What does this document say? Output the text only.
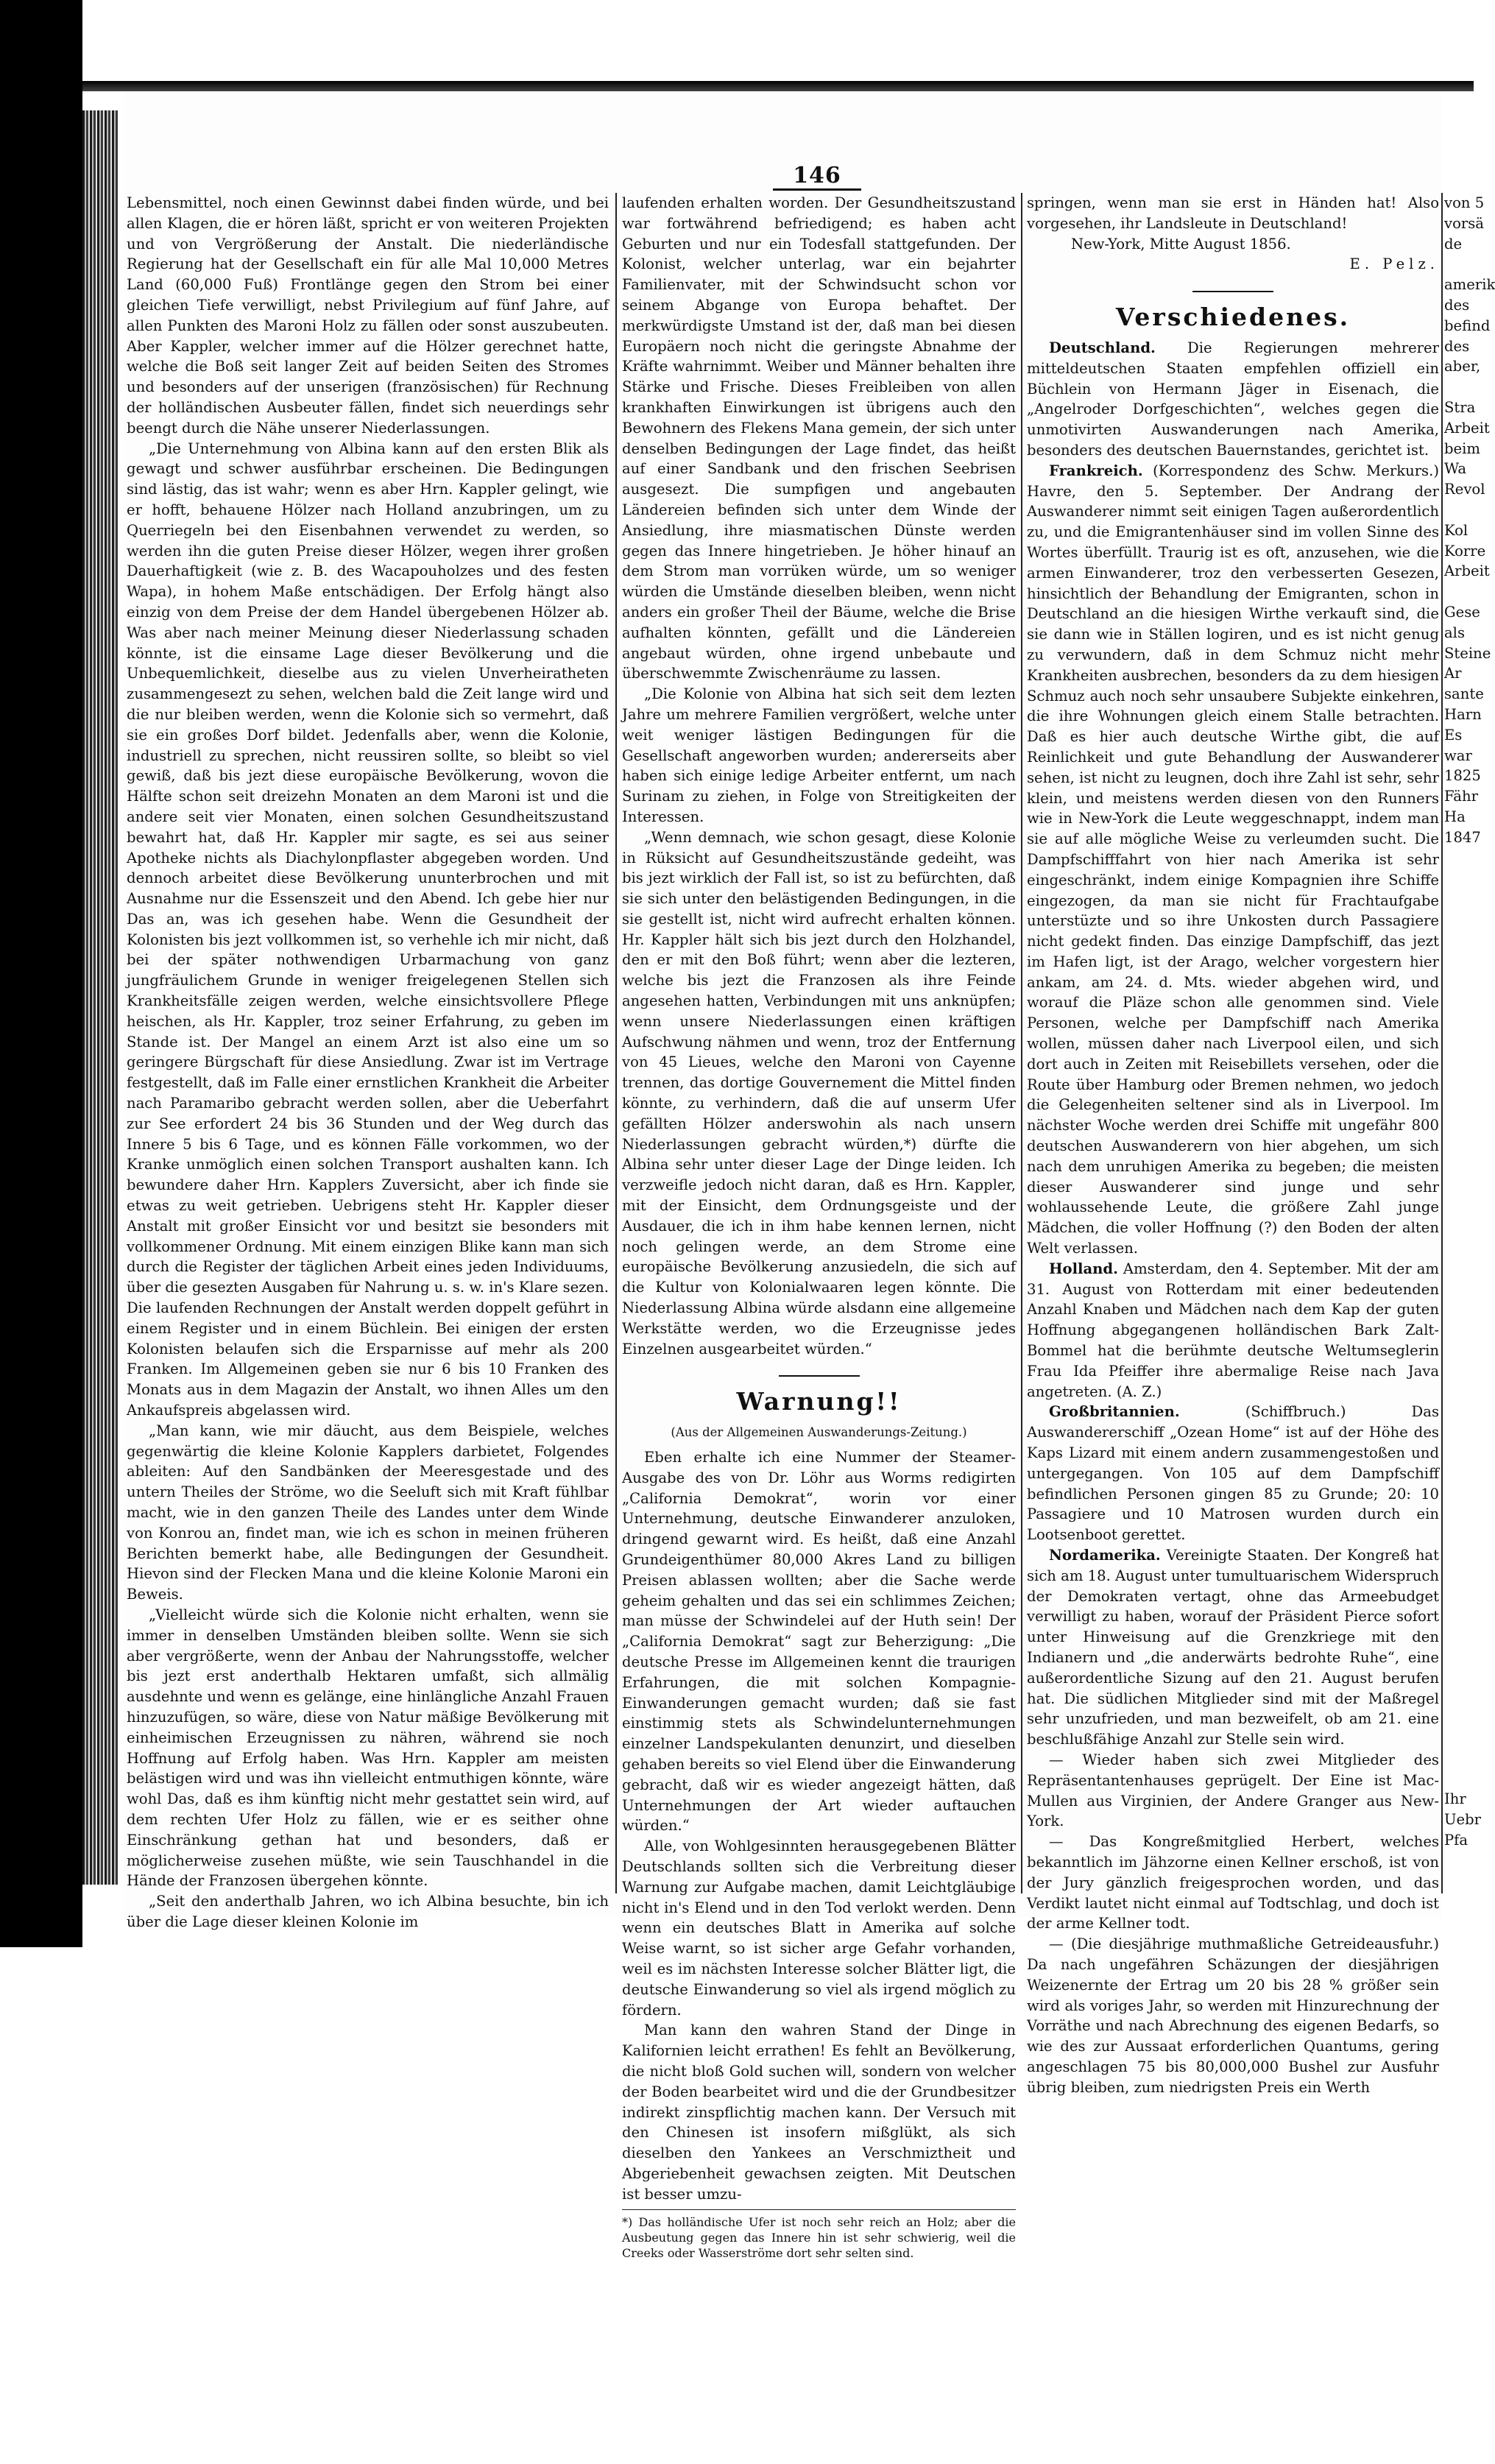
146

Lebensmittel, noch einen Gewinnst dabei finden würde, und bei allen Klagen, die er hören läßt, spricht er von weiteren Projekten und von Vergrößerung der Anstalt. Die niederländische Regierung hat der Gesellschaft ein für alle Mal 10,000 Metres Land (60,000 Fuß) Frontlänge gegen den Strom bei einer gleichen Tiefe verwilligt, nebst Privilegium auf fünf Jahre, auf allen Punkten des Maroni Holz zu fällen oder sonst auszubeuten. Aber Kappler, welcher immer auf die Hölzer gerechnet hatte, welche die Boß seit langer Zeit auf beiden Seiten des Stromes und besonders auf der unserigen (französischen) für Rechnung der holländischen Ausbeuter fällen, findet sich neuerdings sehr beengt durch die Nähe unserer Niederlassungen.

„Die Unternehmung von Albina kann auf den ersten Blik als gewagt und schwer ausführbar erscheinen. Die Bedingungen sind lästig, das ist wahr; wenn es aber Hrn. Kappler gelingt, wie er hofft, behauene Hölzer nach Holland anzubringen, um zu Querriegeln bei den Eisenbahnen verwendet zu werden, so werden ihn die guten Preise dieser Hölzer, wegen ihrer großen Dauerhaftigkeit (wie z. B. des Wacapouholzes und des festen Wapa), in hohem Maße entschädigen. Der Erfolg hängt also einzig von dem Preise der dem Handel übergebenen Hölzer ab. Was aber nach meiner Meinung dieser Niederlassung schaden könnte, ist die einsame Lage dieser Bevölkerung und die Unbequemlichkeit, dieselbe aus zu vielen Unverheiratheten zusammengesezt zu sehen, welchen bald die Zeit lange wird und die nur bleiben werden, wenn die Kolonie sich so vermehrt, daß sie ein großes Dorf bildet. Jedenfalls aber, wenn die Kolonie, industriell zu sprechen, nicht reussiren sollte, so bleibt so viel gewiß, daß bis jezt diese europäische Bevölkerung, wovon die Hälfte schon seit dreizehn Monaten an dem Maroni ist und die andere seit vier Monaten, einen solchen Gesundheitszustand bewahrt hat, daß Hr. Kappler mir sagte, es sei aus seiner Apotheke nichts als Diachylonpflaster abgegeben worden. Und dennoch arbeitet diese Bevölkerung ununterbrochen und mit Ausnahme nur die Essenszeit und den Abend. Ich gebe hier nur Das an, was ich gesehen habe. Wenn die Gesundheit der Kolonisten bis jezt vollkommen ist, so verhehle ich mir nicht, daß bei der später nothwendigen Urbarmachung von ganz jungfräulichem Grunde in weniger freigelegenen Stellen sich Krankheitsfälle zeigen werden, welche einsichtsvollere Pflege heischen, als Hr. Kappler, troz seiner Erfahrung, zu geben im Stande ist. Der Mangel an einem Arzt ist also eine um so geringere Bürgschaft für diese Ansiedlung. Zwar ist im Vertrage festgestellt, daß im Falle einer ernstlichen Krankheit die Arbeiter nach Paramaribo gebracht werden sollen, aber die Ueberfahrt zur See erfordert 24 bis 36 Stunden und der Weg durch das Innere 5 bis 6 Tage, und es können Fälle vorkommen, wo der Kranke unmöglich einen solchen Transport aushalten kann. Ich bewundere daher Hrn. Kapplers Zuversicht, aber ich finde sie etwas zu weit getrieben. Uebrigens steht Hr. Kappler dieser Anstalt mit großer Einsicht vor und besitzt sie besonders mit vollkommener Ordnung. Mit einem einzigen Blike kann man sich durch die Register der täglichen Arbeit eines jeden Individuums, über die gesezten Ausgaben für Nahrung u. s. w. in's Klare sezen. Die laufenden Rechnungen der Anstalt werden doppelt geführt in einem Register und in einem Büchlein. Bei einigen der ersten Kolonisten belaufen sich die Ersparnisse auf mehr als 200 Franken. Im Allgemeinen geben sie nur 6 bis 10 Franken des Monats aus in dem Magazin der Anstalt, wo ihnen Alles um den Ankaufspreis abgelassen wird.

„Man kann, wie mir däucht, aus dem Beispiele, welches gegenwärtig die kleine Kolonie Kapplers darbietet, Folgendes ableiten: Auf den Sandbänken der Meeresgestade und des untern Theiles der Ströme, wo die Seeluft sich mit Kraft fühlbar macht, wie in den ganzen Theile des Landes unter dem Winde von Konrou an, findet man, wie ich es schon in meinen früheren Berichten bemerkt habe, alle Bedingungen der Gesundheit. Hievon sind der Flecken Mana und die kleine Kolonie Maroni ein Beweis.

„Vielleicht würde sich die Kolonie nicht erhalten, wenn sie immer in denselben Umständen bleiben sollte. Wenn sie sich aber vergrößerte, wenn der Anbau der Nahrungsstoffe, welcher bis jezt erst anderthalb Hektaren umfaßt, sich allmälig ausdehnte und wenn es gelänge, eine hinlängliche Anzahl Frauen hinzuzufügen, so wäre, diese von Natur mäßige Bevölkerung mit einheimischen Erzeugnissen zu nähren, während sie noch Hoffnung auf Erfolg haben. Was Hrn. Kappler am meisten belästigen wird und was ihn vielleicht entmuthigen könnte, wäre wohl Das, daß es ihm künftig nicht mehr gestattet sein wird, auf dem rechten Ufer Holz zu fällen, wie er es seither ohne Einschränkung gethan hat und besonders, daß er möglicherweise zusehen müßte, wie sein Tauschhandel in die Hände der Franzosen übergehen könnte.

„Seit den anderthalb Jahren, wo ich Albina besuchte, bin ich über die Lage dieser kleinen Kolonie im

laufenden erhalten worden. Der Gesundheitszustand war fortwährend befriedigend; es haben acht Geburten und nur ein Todesfall stattgefunden. Der Kolonist, welcher unterlag, war ein bejahrter Familienvater, mit der Schwindsucht schon vor seinem Abgange von Europa behaftet. Der merkwürdigste Umstand ist der, daß man bei diesen Europäern noch nicht die geringste Abnahme der Kräfte wahrnimmt. Weiber und Männer behalten ihre Stärke und Frische. Dieses Freibleiben von allen krankhaften Einwirkungen ist übrigens auch den Bewohnern des Flekens Mana gemein, der sich unter denselben Bedingungen der Lage findet, das heißt auf einer Sandbank und den frischen Seebrisen ausgesezt. Die sumpfigen und angebauten Ländereien befinden sich unter dem Winde der Ansiedlung, ihre miasmatischen Dünste werden gegen das Innere hingetrieben. Je höher hinauf an dem Strom man vorrüken würde, um so weniger würden die Umstände dieselben bleiben, wenn nicht anders ein großer Theil der Bäume, welche die Brise aufhalten könnten, gefällt und die Ländereien angebaut würden, ohne irgend unbebaute und überschwemmte Zwischenräume zu lassen.

„Die Kolonie von Albina hat sich seit dem lezten Jahre um mehrere Familien vergrößert, welche unter weit weniger lästigen Bedingungen für die Gesellschaft angeworben wurden; andererseits aber haben sich einige ledige Arbeiter entfernt, um nach Surinam zu ziehen, in Folge von Streitigkeiten der Interessen.

„Wenn demnach, wie schon gesagt, diese Kolonie in Rüksicht auf Gesundheitszustände gedeiht, was bis jezt wirklich der Fall ist, so ist zu befürchten, daß sie sich unter den belästigenden Bedingungen, in die sie gestellt ist, nicht wird aufrecht erhalten können. Hr. Kappler hält sich bis jezt durch den Holzhandel, den er mit den Boß führt; wenn aber die lezteren, welche bis jezt die Franzosen als ihre Feinde angesehen hatten, Verbindungen mit uns anknüpfen; wenn unsere Niederlassungen einen kräftigen Aufschwung nähmen und wenn, troz der Entfernung von 45 Lieues, welche den Maroni von Cayenne trennen, das dortige Gouvernement die Mittel finden könnte, zu verhindern, daß die auf unserm Ufer gefällten Hölzer anderswohin als nach unsern Niederlassungen gebracht würden,*) dürfte die Albina sehr unter dieser Lage der Dinge leiden. Ich verzweifle jedoch nicht daran, daß es Hrn. Kappler, mit der Einsicht, dem Ordnungsgeiste und der Ausdauer, die ich in ihm habe kennen lernen, nicht noch gelingen werde, an dem Strome eine europäische Bevölkerung anzusiedeln, die sich auf die Kultur von Kolonialwaaren legen könnte. Die Niederlassung Albina würde alsdann eine allgemeine Werkstätte werden, wo die Erzeugnisse jedes Einzelnen ausgearbeitet würden.“

Warnung!!
(Aus der Allgemeinen Auswanderungs-Zeitung.)

Eben erhalte ich eine Nummer der Steamer-Ausgabe des von Dr. Löhr aus Worms redigirten „California Demokrat“, worin vor einer Unternehmung, deutsche Einwanderer anzuloken, dringend gewarnt wird. Es heißt, daß eine Anzahl Grundeigenthümer 80,000 Akres Land zu billigen Preisen ablassen wollten; aber die Sache werde geheim gehalten und das sei ein schlimmes Zeichen; man müsse der Schwindelei auf der Huth sein! Der „California Demokrat“ sagt zur Beherzigung: „Die deutsche Presse im Allgemeinen kennt die traurigen Erfahrungen, die mit solchen Kompagnie-Einwanderungen gemacht wurden; daß sie fast einstimmig stets als Schwindelunternehmungen einzelner Landspekulanten denunzirt, und dieselben gehaben bereits so viel Elend über die Einwanderung gebracht, daß wir es wieder angezeigt hätten, daß Unternehmungen der Art wieder auftauchen würden.“

Alle, von Wohlgesinnten herausgegebenen Blätter Deutschlands sollten sich die Verbreitung dieser Warnung zur Aufgabe machen, damit Leichtgläubige nicht in's Elend und in den Tod verlokt werden. Denn wenn ein deutsches Blatt in Amerika auf solche Weise warnt, so ist sicher arge Gefahr vorhanden, weil es im nächsten Interesse solcher Blätter ligt, die deutsche Einwanderung so viel als irgend möglich zu fördern.

Man kann den wahren Stand der Dinge in Kalifornien leicht errathen! Es fehlt an Bevölkerung, die nicht bloß Gold suchen will, sondern von welcher der Boden bearbeitet wird und die der Grundbesitzer indirekt zinspflichtig machen kann. Der Versuch mit den Chinesen ist insofern mißglükt, als sich dieselben den Yankees an Verschmiztheit und Abgeriebenheit gewachsen zeigten. Mit Deutschen ist besser umzu-

*) Das holländische Ufer ist noch sehr reich an Holz; aber die Ausbeutung gegen das Innere hin ist sehr schwierig, weil die Creeks oder Wasserströme dort sehr selten sind.

springen, wenn man sie erst in Händen hat! Also vorgesehen, ihr Landsleute in Deutschland!

New-York, Mitte August 1856.

E. Pelz.

Verschiedenes.

Deutschland. Die Regierungen mehrerer mitteldeutschen Staaten empfehlen offiziell ein Büchlein von Hermann Jäger in Eisenach, die „Angelroder Dorfgeschichten“, welches gegen die unmotivirten Auswanderungen nach Amerika, besonders des deutschen Bauernstandes, gerichtet ist.

Frankreich. (Korrespondenz des Schw. Merkurs.) Havre, den 5. September. Der Andrang der Auswanderer nimmt seit einigen Tagen außerordentlich zu, und die Emigrantenhäuser sind im vollen Sinne des Wortes überfüllt. Traurig ist es oft, anzusehen, wie die armen Einwanderer, troz den verbesserten Gesezen, hinsichtlich der Behandlung der Emigranten, schon in Deutschland an die hiesigen Wirthe verkauft sind, die sie dann wie in Ställen logiren, und es ist nicht genug zu verwundern, daß in dem Schmuz nicht mehr Krankheiten ausbrechen, besonders da zu dem hiesigen Schmuz auch noch sehr unsaubere Subjekte einkehren, die ihre Wohnungen gleich einem Stalle betrachten. Daß es hier auch deutsche Wirthe gibt, die auf Reinlichkeit und gute Behandlung der Auswanderer sehen, ist nicht zu leugnen, doch ihre Zahl ist sehr, sehr klein, und meistens werden diesen von den Runners wie in New-York die Leute weggeschnappt, indem man sie auf alle mögliche Weise zu verleumden sucht. Die Dampfschifffahrt von hier nach Amerika ist sehr eingeschränkt, indem einige Kompagnien ihre Schiffe eingezogen, da man sie nicht für Frachtaufgabe unterstüzte und so ihre Unkosten durch Passagiere nicht gedekt finden. Das einzige Dampfschiff, das jezt im Hafen ligt, ist der Arago, welcher vorgestern hier ankam, am 24. d. Mts. wieder abgehen wird, und worauf die Pläze schon alle genommen sind. Viele Personen, welche per Dampfschiff nach Amerika wollen, müssen daher nach Liverpool eilen, und sich dort auch in Zeiten mit Reisebillets versehen, oder die Route über Hamburg oder Bremen nehmen, wo jedoch die Gelegenheiten seltener sind als in Liverpool. Im nächster Woche werden drei Schiffe mit ungefähr 800 deutschen Auswanderern von hier abgehen, um sich nach dem unruhigen Amerika zu begeben; die meisten dieser Auswanderer sind junge und sehr wohlaussehende Leute, die größere Zahl junge Mädchen, die voller Hoffnung (?) den Boden der alten Welt verlassen.

Holland. Amsterdam, den 4. September. Mit der am 31. August von Rotterdam mit einer bedeutenden Anzahl Knaben und Mädchen nach dem Kap der guten Hoffnung abgegangenen holländischen Bark Zalt-Bommel hat die berühmte deutsche Weltumseglerin Frau Ida Pfeiffer ihre abermalige Reise nach Java angetreten. (A. Z.)

Großbritannien.	(Schiffbruch.) Das Auswandererschiff „Ozean Home“ ist auf der Höhe des Kaps Lizard mit einem andern zusammengestoßen und untergegangen. Von 105 auf dem Dampfschiff befindlichen Personen gingen 85 zu Grunde; 20: 10 Passagiere und 10 Matrosen wurden durch ein Lootsenboot gerettet.

Nordamerika. Vereinigte Staaten. Der Kongreß hat sich am 18. August unter tumultuarischem Widerspruch der Demokraten vertagt, ohne das Armeebudget verwilligt zu haben, worauf der Präsident Pierce sofort unter Hinweisung auf die Grenzkriege mit den Indianern und „die anderwärts bedrohte Ruhe“, eine außerordentliche Sizung auf den 21. August berufen hat. Die südlichen Mitglieder sind mit der Maßregel sehr unzufrieden, und man bezweifelt, ob am 21. eine beschlußfähige Anzahl zur Stelle sein wird.

— Wieder haben sich zwei Mitglieder des Repräsentantenhauses geprügelt. Der Eine ist Mac-Mullen aus Virginien, der Andere Granger aus New-York.

— Das Kongreßmitglied Herbert, welches bekanntlich im Jähzorne einen Kellner erschoß, ist von der Jury gänzlich freigesprochen worden, und das Verdikt lautet nicht einmal auf Todtschlag, und doch ist der arme Kellner todt.

— (Die diesjährige muthmaßliche Getreideausfuhr.) Da nach ungefähren Schäzungen der diesjährigen Weizenernte der Ertrag um 20 bis 28 % größer sein wird als voriges Jahr, so werden mit Hinzurechnung der Vorräthe und nach Abrechnung des eigenen Bedarfs, so wie des zur Aussaat erforderlichen Quantums, gering angeschlagen 75 bis 80,000,000 Bushel zur Ausfuhr übrig bleiben, zum niedrigsten Preis ein Werth

von 5
vorsä
de

amerik
des
befind
des
aber,

Stra
Arbeit
beim
Wa
Revol

Kol
Korre
Arbeit

Gese
als
Steine
Ar
sante
Harn
Es
war
1825
Fähr
Ha
1847

Ihr
Uebr
Pfa
